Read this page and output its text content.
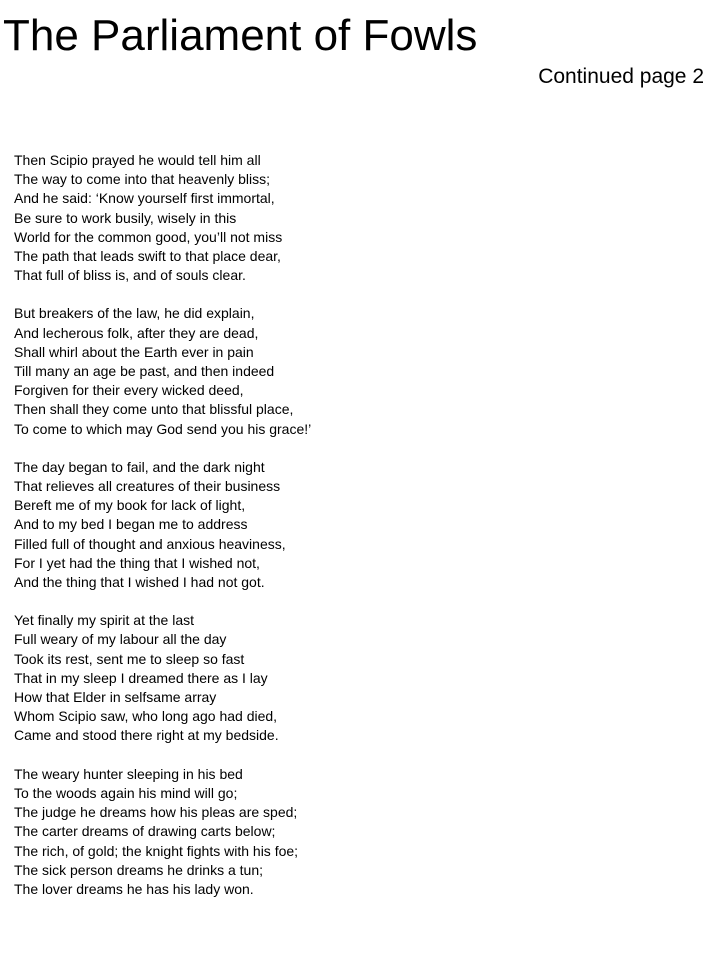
The Parliament of Fowls
Continued page 2
Then Scipio prayed he would tell him all
The way to come into that heavenly bliss;
And he said: ‘Know yourself first immortal,
Be sure to work busily, wisely in this
World for the common good, you’ll not miss
The path that leads swift to that place dear,
That full of bliss is, and of souls clear.
But breakers of the law, he did explain,
And lecherous folk, after they are dead,
Shall whirl about the Earth ever in pain
Till many an age be past, and then indeed
Forgiven for their every wicked deed,
Then shall they come unto that blissful place,
To come to which may God send you his grace!’
The day began to fail, and the dark night
That relieves all creatures of their business
Bereft me of my book for lack of light,
And to my bed I began me to address
Filled full of thought and anxious heaviness,
For I yet had the thing that I wished not,
And the thing that I wished I had not got.
Yet finally my spirit at the last
Full weary of my labour all the day
Took its rest, sent me to sleep so fast
That in my sleep I dreamed there as I lay
How that Elder in selfsame array
Whom Scipio saw, who long ago had died,
Came and stood there right at my bedside.
The weary hunter sleeping in his bed
To the woods again his mind will go;
The judge he dreams how his pleas are sped;
The carter dreams of drawing carts below;
The rich, of gold; the knight fights with his foe;
The sick person dreams he drinks a tun;
The lover dreams he has his lady won.
